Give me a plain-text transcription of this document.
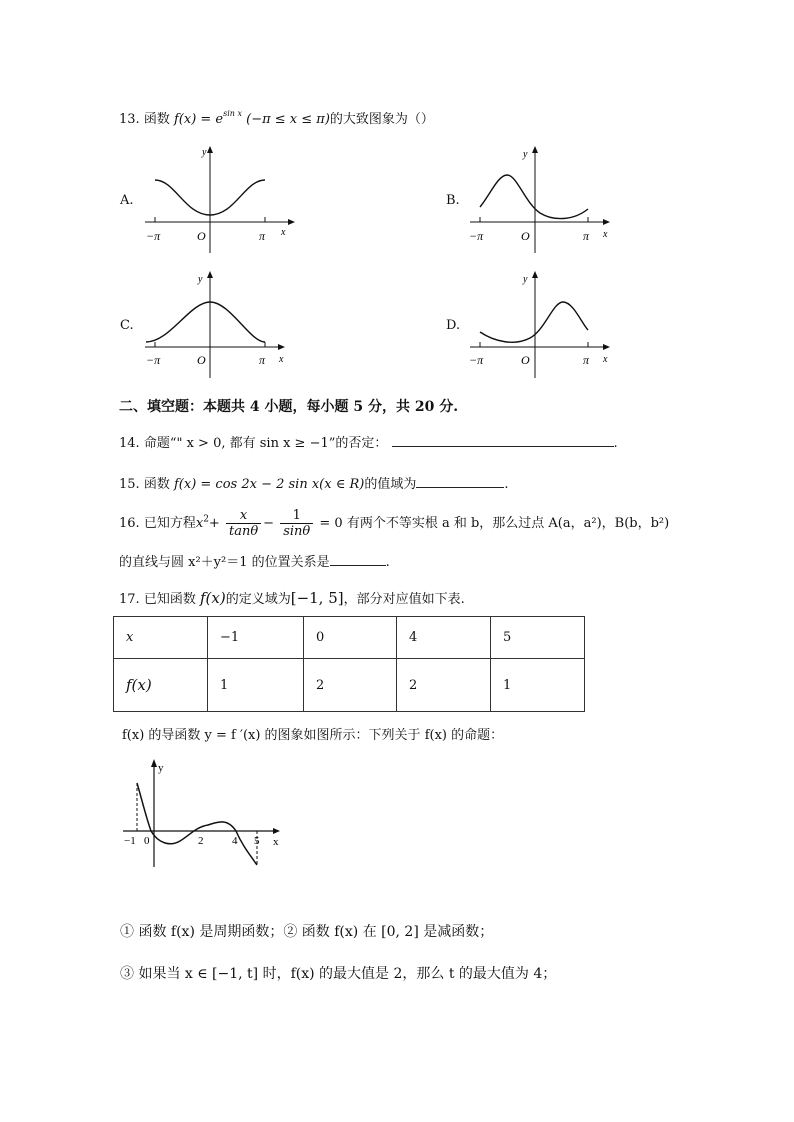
13. 函数 $f(x) = e^{sin x}$ (−π ≤ x ≤ π)的大致图象为（）
A.
y
x
O
−π	π
B.
y
x
O
−π	π
C.
y
x
O
−π	π
D.
y
x
O
−π	π
二、填空题：本题共 4 小题，每小题 5 分，共 20 分.
14. 命题“" x > 0, 都有 sin x ≥ −1”的否定：	.
15. 函数 f(x) = cos 2x − 2 sin x(x ∈ R)的值域为	.
16. 已知方程$x^2+ \frac{x}{\tan\theta} - \frac{1}{\sin\theta} = 0$ 有两个不等实根 a 和 b，那么过点 A(a，a²)，B(b，b²)
的直线与圆 x²＋y²＝1 的位置关系是	.
17. 已知函数 f(x)的定义域为[−1, 5]，部分对应值如下表.
x	−1	0	4	5
f(x)	1	2	2	1
f(x) 的导函数 y = f ′(x) 的图象如图所示：下列关于 f(x) 的命题：
y
x
−1 0	2	4 5
① 函数 f(x) 是周期函数；② 函数 f(x) 在 [0, 2] 是减函数；
③ 如果当 x ∈ [−1, t] 时，f(x) 的最大值是 2，那么 t 的最大值为 4；
